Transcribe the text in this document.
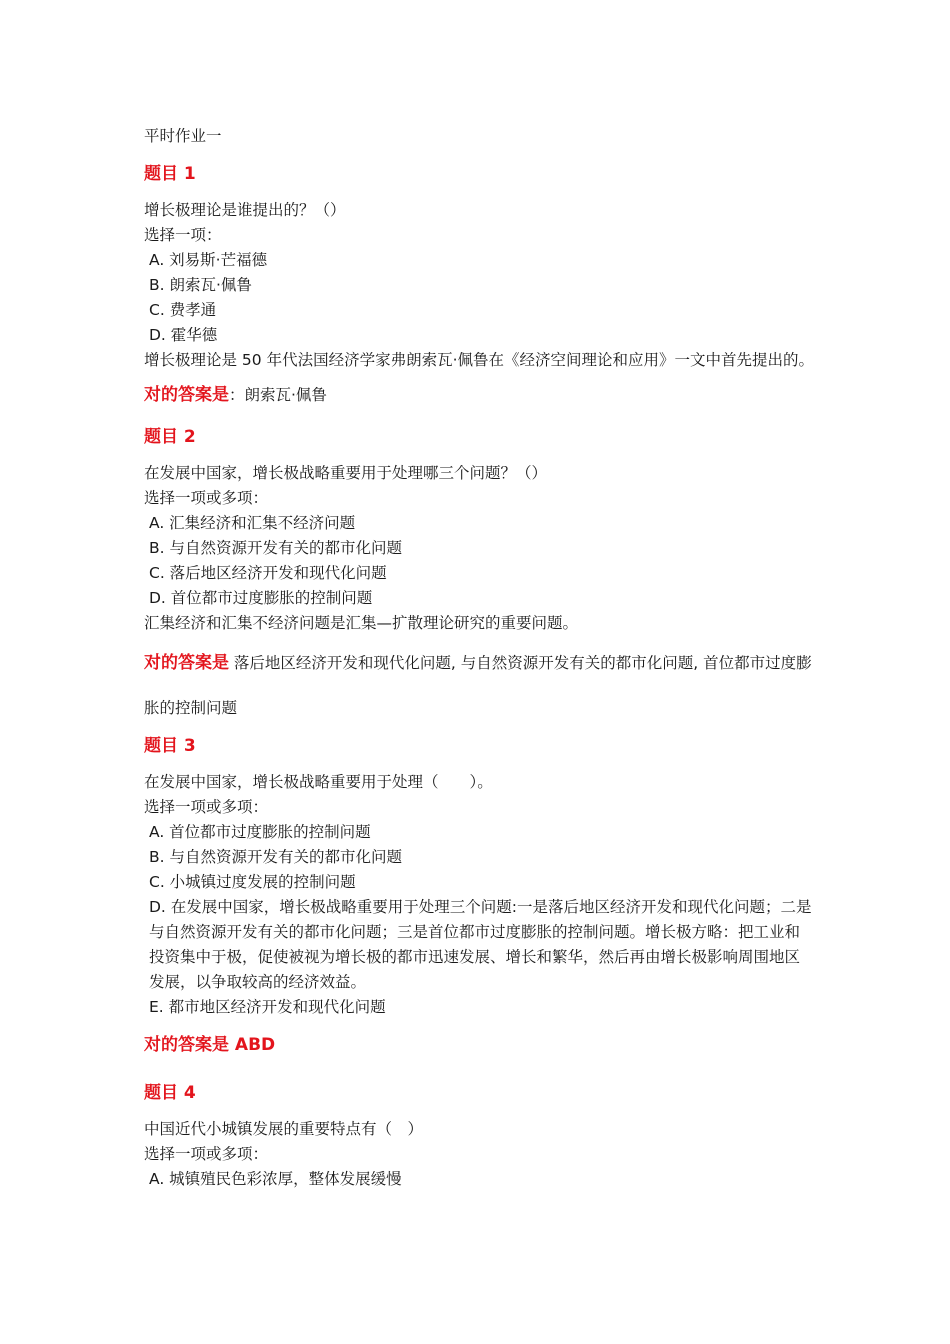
平时作业一

题目 1

增长极理论是谁提出的？（）

选择一项：

A. 刘易斯·芒福德

B. 朗索瓦·佩鲁

C. 费孝通

D. 霍华德

增长极理论是 50 年代法国经济学家弗朗索瓦·佩鲁在《经济空间理论和应用》一文中首先提出的。

对的答案是：朗索瓦·佩鲁

题目 2

在发展中国家，增长极战略重要用于处理哪三个问题？（）

选择一项或多项：

A. 汇集经济和汇集不经济问题

B. 与自然资源开发有关的都市化问题

C. 落后地区经济开发和现代化问题

D. 首位都市过度膨胀的控制问题

汇集经济和汇集不经济问题是汇集—扩散理论研究的重要问题。

对的答案是 落后地区经济开发和现代化问题, 与自然资源开发有关的都市化问题, 首位都市过度膨胀的控制问题

题目 3

在发展中国家，增长极战略重要用于处理（　　）。

选择一项或多项：

A. 首位都市过度膨胀的控制问题

B. 与自然资源开发有关的都市化问题

C. 小城镇过度发展的控制问题

D. 在发展中国家，增长极战略重要用于处理三个问题:一是落后地区经济开发和现代化问题；二是与自然资源开发有关的都市化问题；三是首位都市过度膨胀的控制问题。增长极方略：把工业和投资集中于极，促使被视为增长极的都市迅速发展、增长和繁华，然后再由增长极影响周围地区发展，以争取较高的经济效益。

E. 都市地区经济开发和现代化问题

对的答案是 ABD

题目 4

中国近代小城镇发展的重要特点有（　）

选择一项或多项：

A. 城镇殖民色彩浓厚，整体发展缓慢
